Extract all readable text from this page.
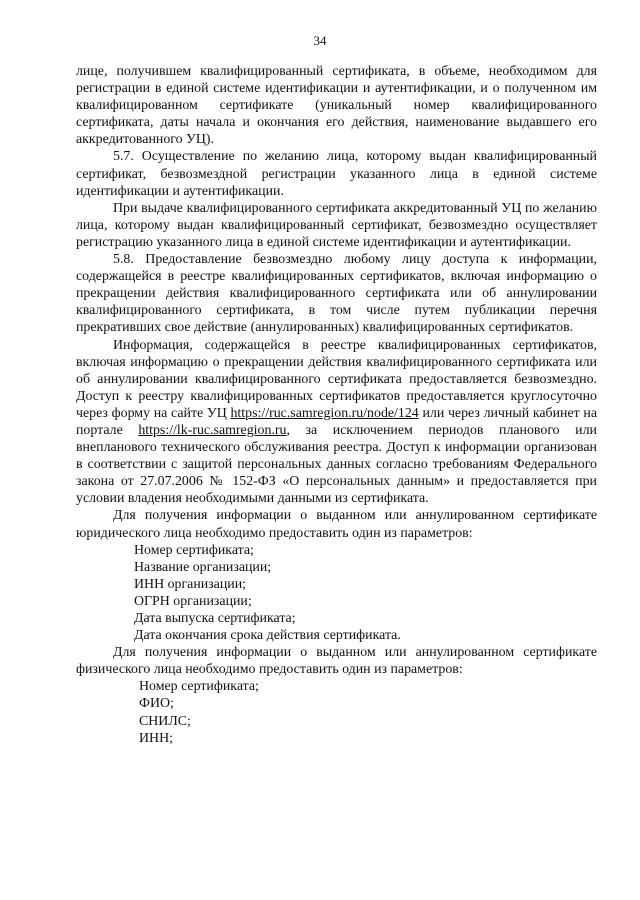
34

лице, получившем квалифицированный сертификата, в объеме, необходимом для регистрации в единой системе идентификации и аутентификации, и о полученном им квалифицированном сертификате (уникальный номер квалифицированного сертификата, даты начала и окончания его действия, наименование выдавшего его аккредитованного УЦ).

5.7. Осуществление по желанию лица, которому выдан квалифицированный сертификат, безвозмездной регистрации указанного лица в единой системе идентификации и аутентификации.

При выдаче квалифицированного сертификата аккредитованный УЦ по желанию лица, которому выдан квалифицированный сертификат, безвозмездно осуществляет регистрацию указанного лица в единой системе идентификации и аутентификации.

5.8. Предоставление безвозмездно любому лицу доступа к информации, содержащейся в реестре квалифицированных сертификатов, включая информацию о прекращении действия квалифицированного сертификата или об аннулировании квалифицированного сертификата, в том числе путем публикации перечня прекративших свое действие (аннулированных) квалифицированных сертификатов.

Информация, содержащейся в реестре квалифицированных сертификатов, включая информацию о прекращении действия квалифицированного сертификата или об аннулировании квалифицированного сертификата предоставляется безвозмездно. Доступ к реестру квалифицированных сертификатов предоставляется круглосуточно через форму на сайте УЦ https://ruc.samregion.ru/node/124 или через личный кабинет на портале https://lk-ruc.samregion.ru, за исключением периодов планового или внепланового технического обслуживания реестра. Доступ к информации организован в соответствии с защитой персональных данных согласно требованиям Федерального закона от 27.07.2006 № 152-ФЗ «О персональных данным» и предоставляется при условии владения необходимыми данными из сертификата.

Для получения информации о выданном или аннулированном сертификате юридического лица необходимо предоставить один из параметров:

Номер сертификата;

Название организации;

ИНН организации;

ОГРН организации;

Дата выпуска сертификата;

Дата окончания срока действия сертификата.

Для получения информации о выданном или аннулированном сертификате физического лица необходимо предоставить один из параметров:

Номер сертификата;

ФИО;

СНИЛС;

ИНН;
